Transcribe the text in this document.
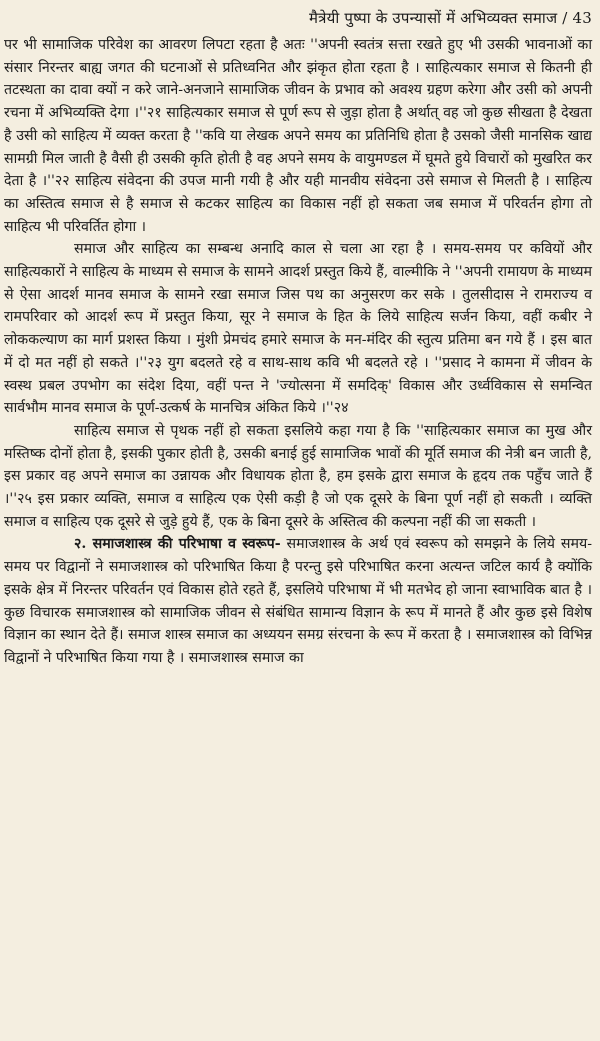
मैत्रेयी पुष्पा के उपन्यासों में अभिव्यक्त समाज / 43

पर भी सामाजिक परिवेश का आवरण लिपटा रहता है अतः ''अपनी स्वतंत्र सत्ता रखते हुए भी उसकी भावनाओं का संसार निरन्तर बाह्य जगत की घटनाओं से प्रतिध्वनित और झंकृत होता रहता है । साहित्यकार समाज से कितनी ही तटस्थता का दावा क्यों न करे जाने-अनजाने सामाजिक जीवन के प्रभाव को अवश्य ग्रहण करेगा और उसी को अपनी रचना में अभिव्यक्ति देगा ।''२१ साहित्यकार समाज से पूर्ण रूप से जुड़ा होता है अर्थात् वह जो कुछ सीखता है देखता है उसी को साहित्य में व्यक्त करता है ''कवि या लेखक अपने समय का प्रतिनिधि होता है उसको जैसी मानसिक खाद्य सामग्री मिल जाती है वैसी ही उसकी कृति होती है वह अपने समय के वायुमण्डल में घूमते हुये विचारों को मुखरित कर देता है ।''२२ साहित्य संवेदना की उपज मानी गयी है और यही मानवीय संवेदना उसे समाज से मिलती है । साहित्य का अस्तित्व समाज से है समाज से कटकर साहित्य का विकास नहीं हो सकता जब समाज में परिवर्तन होगा तो साहित्य भी परिवर्तित होगा ।

समाज और साहित्य का सम्बन्ध अनादि काल से चला आ रहा है । समय-समय पर कवियों और साहित्यकारों ने साहित्य के माध्यम से समाज के सामने आदर्श प्रस्तुत किये हैं, वाल्मीकि ने ''अपनी रामायण के माध्यम से ऐसा आदर्श मानव समाज के सामने रखा समाज जिस पथ का अनुसरण कर सके । तुलसीदास ने रामराज्य व रामपरिवार को आदर्श रूप में प्रस्तुत किया, सूर ने समाज के हित के लिये साहित्य सर्जन किया, वहीं कबीर ने लोककल्याण का मार्ग प्रशस्त किया । मुंशी प्रेमचंद हमारे समाज के मन-मंदिर की स्तुत्य प्रतिमा बन गये हैं । इस बात में दो मत नहीं हो सकते ।''२३ युग बदलते रहे व साथ-साथ कवि भी बदलते रहे । ''प्रसाद ने कामना में जीवन के स्वस्थ प्रबल उपभोग का संदेश दिया, वहीं पन्त ने 'ज्योत्सना में समदिक्' विकास और उर्ध्वविकास से समन्वित सार्वभौम मानव समाज के पूर्ण-उत्कर्ष के मानचित्र अंकित किये ।''२४

साहित्य समाज से पृथक नहीं हो सकता इसलिये कहा गया है कि ''साहित्यकार समाज का मुख और मस्तिष्क दोनों होता है, इसकी पुकार होती है, उसकी बनाई हुई सामाजिक भावों की मूर्ति समाज की नेत्री बन जाती है, इस प्रकार वह अपने समाज का उन्नायक और विधायक होता है, हम इसके द्वारा समाज के हृदय तक पहुँच जाते हैं ।''२५ इस प्रकार व्यक्ति, समाज व साहित्य एक ऐसी कड़ी है जो एक दूसरे के बिना पूर्ण नहीं हो सकती । व्यक्ति समाज व साहित्य एक दूसरे से जुड़े हुये हैं, एक के बिना दूसरे के अस्तित्व की कल्पना नहीं की जा सकती ।

२. समाजशास्त्र की परिभाषा व स्वरूप- समाजशास्त्र के अर्थ एवं स्वरूप को समझने के लिये समय-समय पर विद्वानों ने समाजशास्त्र को परिभाषित किया है परन्तु इसे परिभाषित करना अत्यन्त जटिल कार्य है क्योंकि इसके क्षेत्र में निरन्तर परिवर्तन एवं विकास होते रहते हैं, इसलिये परिभाषा में भी मतभेद हो जाना स्वाभाविक बात है । कुछ विचारक समाजशास्त्र को सामाजिक जीवन से संबंधित सामान्य विज्ञान के रूप में मानते हैं और कुछ इसे विशेष विज्ञान का स्थान देते हैं। समाज शास्त्र समाज का अध्ययन समग्र संरचना के रूप में करता है । समाजशास्त्र को विभिन्न विद्वानों ने परिभाषित किया गया है । समाजशास्त्र समाज का
